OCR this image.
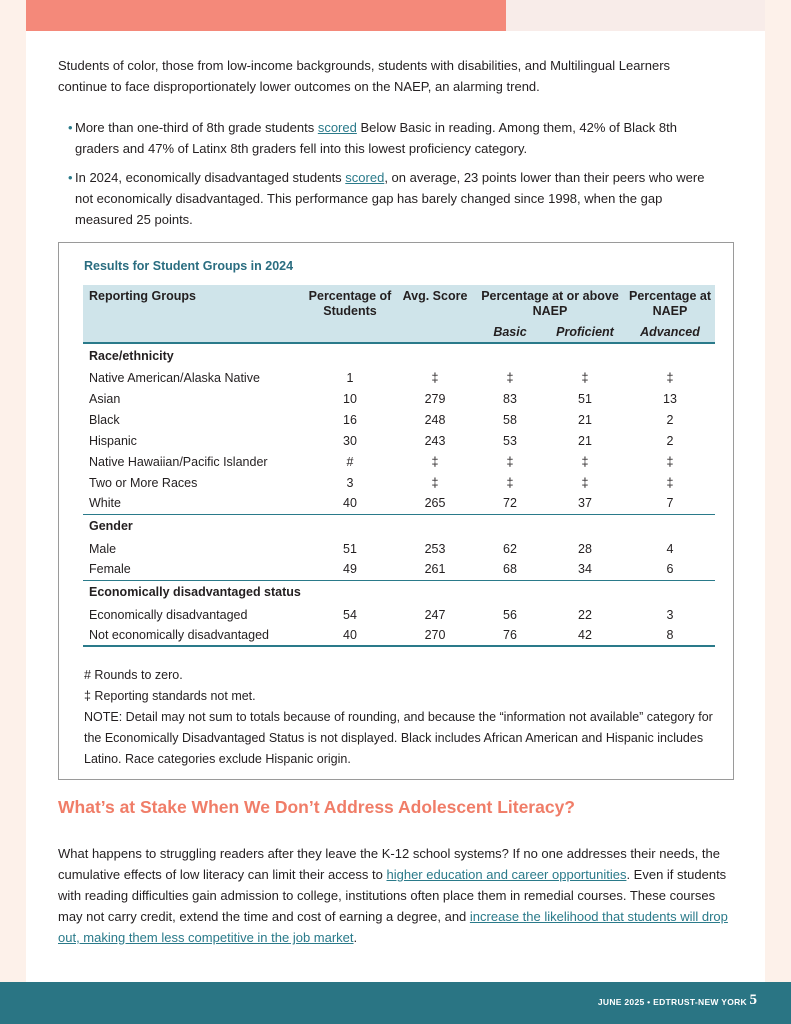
Students of color, those from low-income backgrounds, students with disabilities, and Multilingual Learners continue to face disproportionately lower outcomes on the NAEP, an alarming trend.

• More than one-third of 8th grade students scored Below Basic in reading. Among them, 42% of Black 8th graders and 47% of Latinx 8th graders fell into this lowest proficiency category.
• In 2024, economically disadvantaged students scored, on average, 23 points lower than their peers who were not economically disadvantaged. This performance gap has barely changed since 1998, when the gap measured 25 points.
Results for Student Groups in 2024
Reporting Groups	Percentage of Students	Avg. Score	Percentage at or above NAEP		Percentage at NAEP
			Basic	Proficient	Advanced
Race/ethnicity					
Native American/Alaska Native	1	‡	‡	‡	‡
Asian	10	279	83	51	13
Black	16	248	58	21	2
Hispanic	30	243	53	21	2
Native Hawaiian/Pacific Islander	#	‡	‡	‡	‡
Two or More Races	3	‡	‡	‡	‡
White	40	265	72	37	7
Gender					
Male	51	253	62	28	4
Female	49	261	68	34	6
Economically disadvantaged status					
Economically disadvantaged	54	247	56	22	3
Not economically disadvantaged	40	270	76	42	8
# Rounds to zero.
‡ Reporting standards not met.
NOTE: Detail may not sum to totals because of rounding, and because the “information not available” category for the Economically Disadvantaged Status is not displayed. Black includes African American and Hispanic includes Latino. Race categories exclude Hispanic origin.
What’s at Stake When We Don’t Address Adolescent Literacy?

What happens to struggling readers after they leave the K-12 school systems? If no one addresses their needs, the cumulative effects of low literacy can limit their access to higher education and career opportunities. Even if students with reading difficulties gain admission to college, institutions often place them in remedial courses. These courses may not carry credit, extend the time and cost of earning a degree, and increase the likelihood that students will drop out, making them less competitive in the job market.

JUNE 2025 • EDTRUST-NEW YORK 5
